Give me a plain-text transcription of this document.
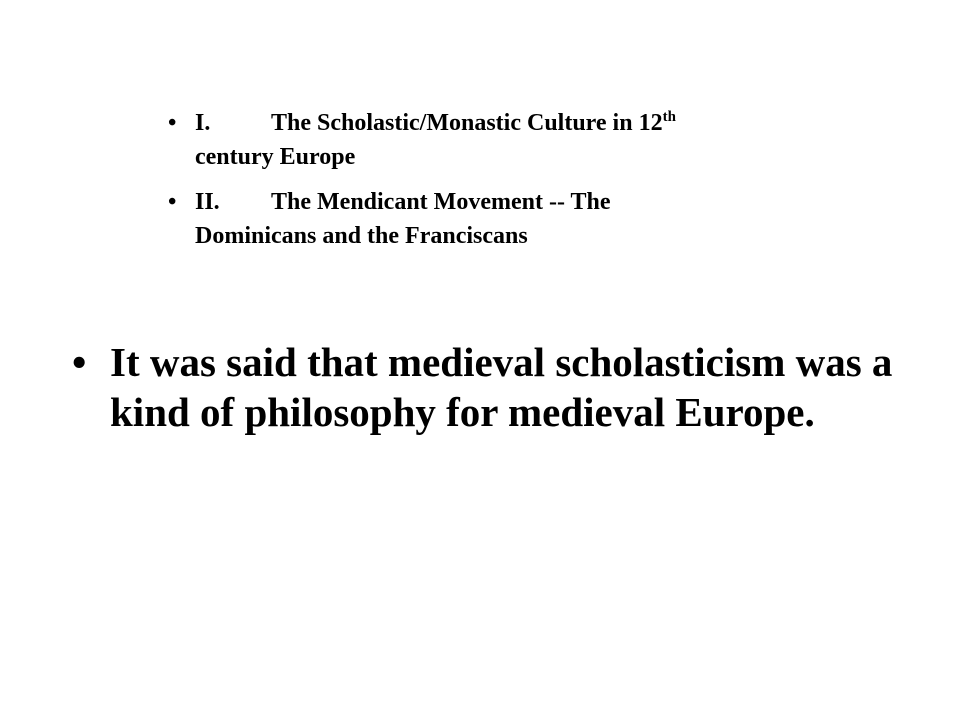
• I.	The Scholastic/Monastic Culture in 12th
century Europe
• II. The Mendicant Movement -- The
Dominicans and the Franciscans
• It was said that medieval scholasticism was a kind of philosophy for medieval Europe.
